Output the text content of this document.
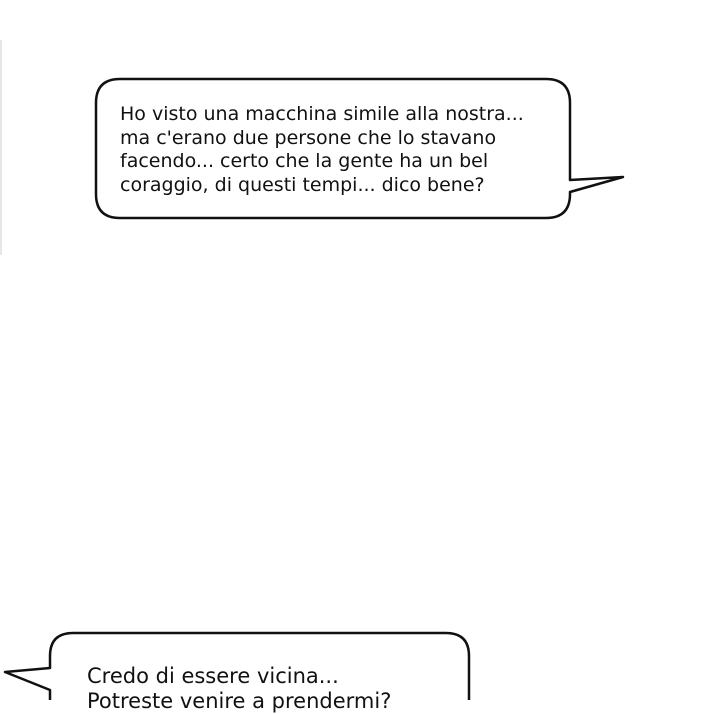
Ho visto una macchina simile alla nostra...
ma c'erano due persone che lo stavano
facendo... certo che la gente ha un bel
coraggio, di questi tempi... dico bene?
Credo di essere vicina...
Potreste venire a prendermi?
